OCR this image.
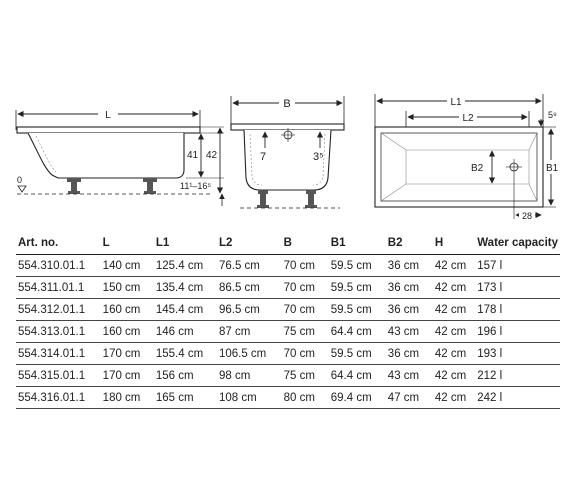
L
0
41 42
11¹–16⁵
B
7	3⁵
L1
L2	5⁹
B2	B1
28
Art. no.	L	L1	L2	B	B1	B2	H	Water capacity
554.310.01.1	140 cm	125.4 cm	76.5 cm	70 cm	59.5 cm	36 cm	42 cm	157 l
554.311.01.1	150 cm	135.4 cm	86.5 cm	70 cm	59.5 cm	36 cm	42 cm	173 l
554.312.01.1	160 cm	145.4 cm	96.5 cm	70 cm	59.5 cm	36 cm	42 cm	178 l
554.313.01.1	160 cm	146 cm	87 cm	75 cm	64.4 cm	43 cm	42 cm	196 l
554.314.01.1	170 cm	155.4 cm	106.5 cm	70 cm	59.5 cm	36 cm	42 cm	193 l
554.315.01.1	170 cm	156 cm	98 cm	75 cm	64.4 cm	43 cm	42 cm	212 l
554.316.01.1	180 cm	165 cm	108 cm	80 cm	69.4 cm	47 cm	42 cm	242 l
